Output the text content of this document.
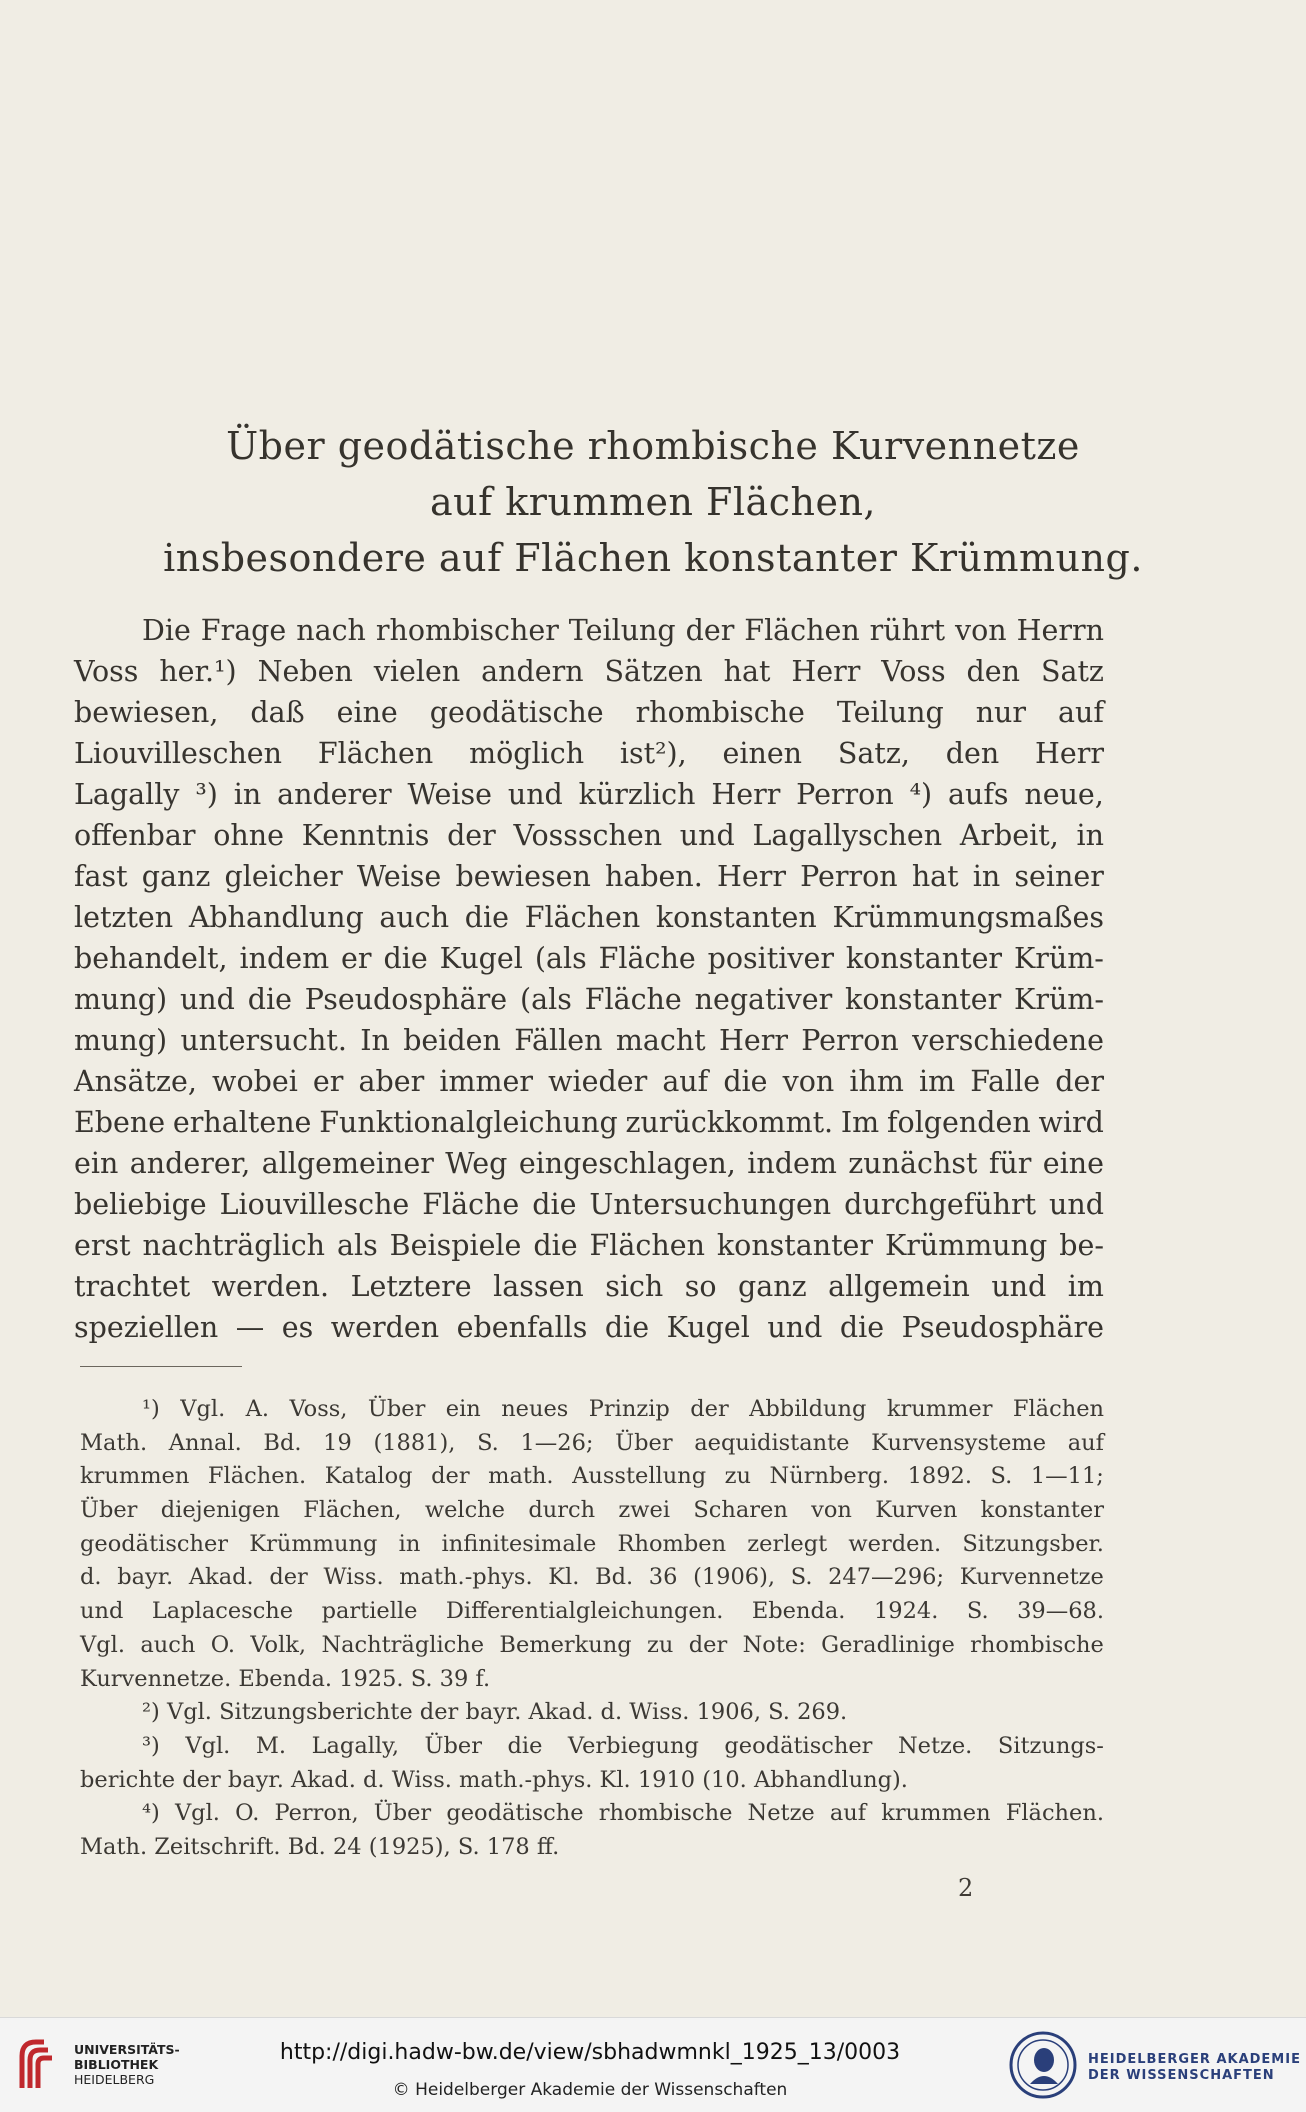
Über geodätische rhombische Kurvennetze
auf krummen Flächen,
insbesondere auf Flächen konstanter Krümmung.
Die Frage nach rhombischer Teilung der Flächen rührt von Herrn
Voss her.¹) Neben vielen andern Sätzen hat Herr Voss den Satz
bewiesen, daß eine geodätische rhombische Teilung nur auf
Liouvilleschen Flächen möglich ist²), einen Satz, den Herr
Lagally ³) in anderer Weise und kürzlich Herr Perron ⁴) aufs neue,
offenbar ohne Kenntnis der Vossschen und Lagallyschen Arbeit, in
fast ganz gleicher Weise bewiesen haben. Herr Perron hat in seiner
letzten Abhandlung auch die Flächen konstanten Krümmungsmaßes
behandelt, indem er die Kugel (als Fläche positiver konstanter Krüm-
mung) und die Pseudosphäre (als Fläche negativer konstanter Krüm-
mung) untersucht. In beiden Fällen macht Herr Perron verschiedene
Ansätze, wobei er aber immer wieder auf die von ihm im Falle der
Ebene erhaltene Funktionalgleichung zurückkommt. Im folgenden wird
ein anderer, allgemeiner Weg eingeschlagen, indem zunächst für eine
beliebige Liouvillesche Fläche die Untersuchungen durchgeführt und
erst nachträglich als Beispiele die Flächen konstanter Krümmung be-
trachtet werden. Letztere lassen sich so ganz allgemein und im
speziellen — es werden ebenfalls die Kugel und die Pseudosphäre
¹) Vgl. A. Voss, Über ein neues Prinzip der Abbildung krummer Flächen
Math. Annal. Bd. 19 (1881), S. 1—26; Über aequidistante Kurvensysteme auf
krummen Flächen. Katalog der math. Ausstellung zu Nürnberg. 1892. S. 1—11;
Über diejenigen Flächen, welche durch zwei Scharen von Kurven konstanter
geodätischer Krümmung in infinitesimale Rhomben zerlegt werden. Sitzungsber.
d. bayr. Akad. der Wiss. math.-phys. Kl. Bd. 36 (1906), S. 247—296; Kurvennetze
und Laplacesche partielle Differentialgleichungen. Ebenda. 1924. S. 39—68.
Vgl. auch O. Volk, Nachträgliche Bemerkung zu der Note: Geradlinige rhombische
Kurvennetze. Ebenda. 1925. S. 39 f.
²) Vgl. Sitzungsberichte der bayr. Akad. d. Wiss. 1906, S. 269.
³) Vgl. M. Lagally, Über die Verbiegung geodätischer Netze. Sitzungs-
berichte der bayr. Akad. d. Wiss. math.-phys. Kl. 1910 (10. Abhandlung).
⁴) Vgl. O. Perron, Über geodätische rhombische Netze auf krummen Flächen.
Math. Zeitschrift. Bd. 24 (1925), S. 178 ff.
2
UNIVERSITÄTS-
BIBLIOTHEK
HEIDELBERG
http://digi.hadw-bw.de/view/sbhadwmnkl_1925_13/0003
© Heidelberger Akademie der Wissenschaften
HEIDELBERGER AKADEMIE
DER WISSENSCHAFTEN
